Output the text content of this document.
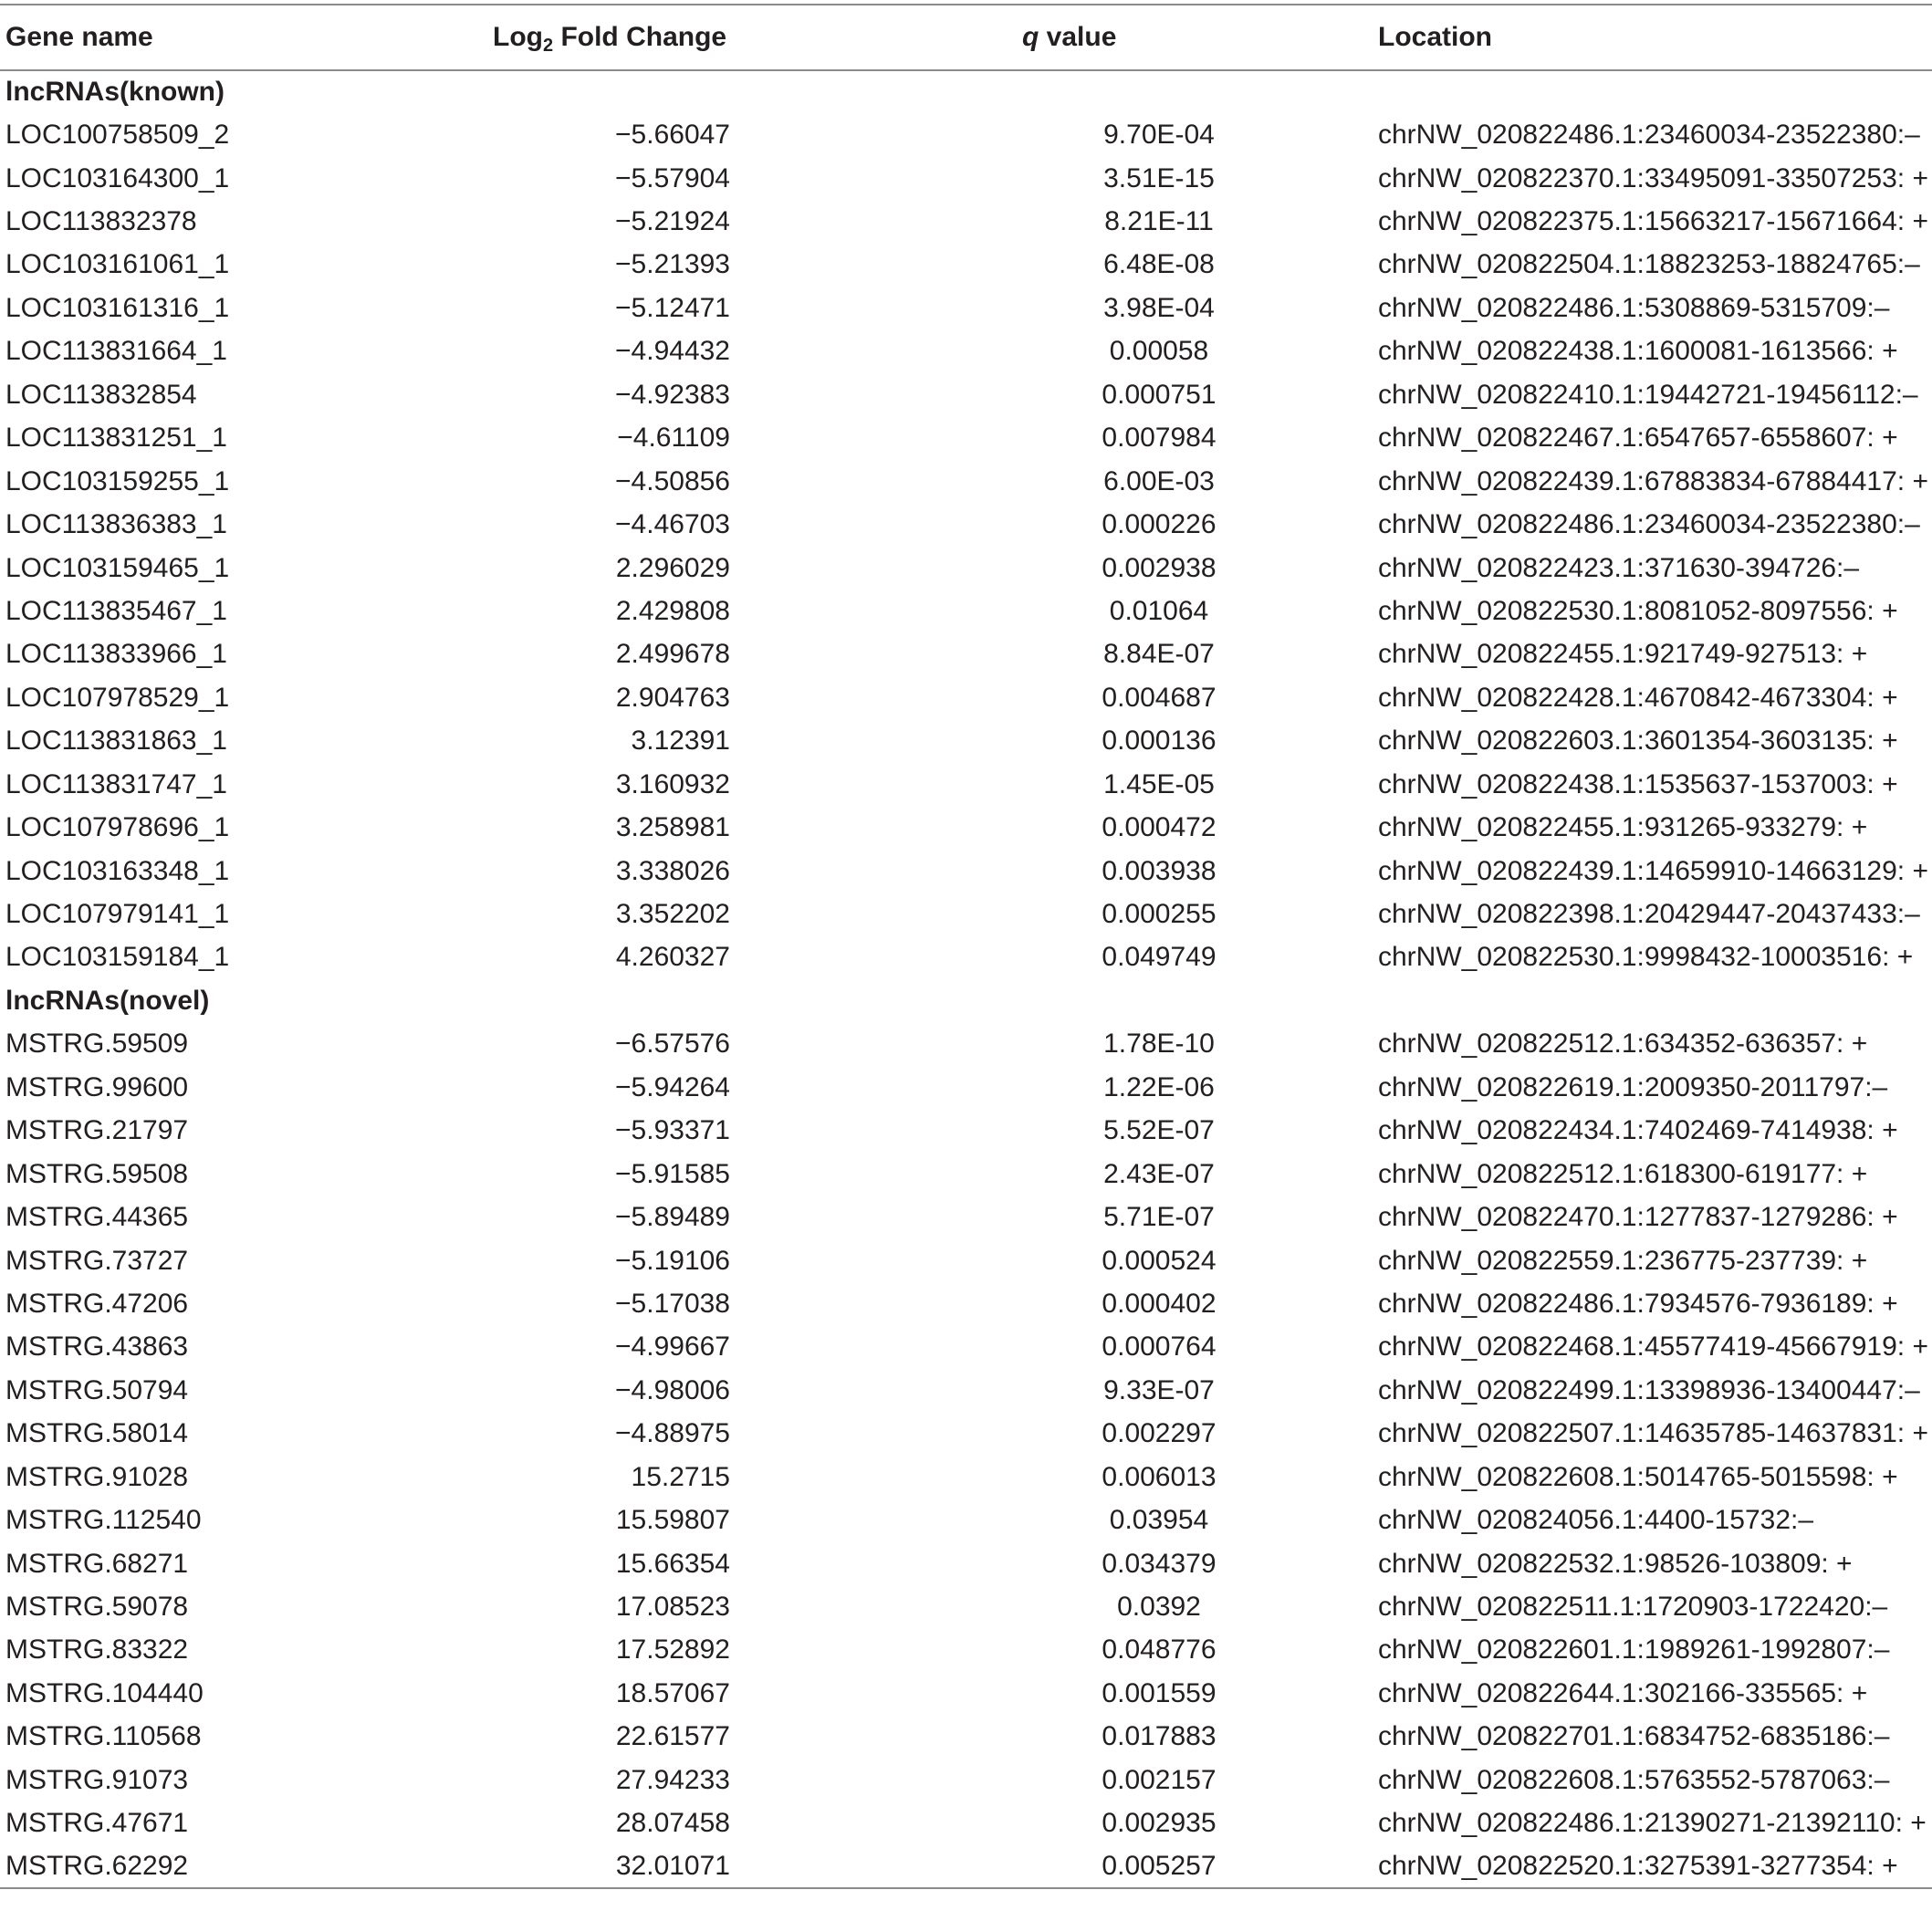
Gene name	Log$_2$ Fold Change	q value	Location
lncRNAs(known)			
LOC100758509_2	−5.66047	9.70E-04	chrNW_020822486.1:23460034-23522380:–
LOC103164300_1	−5.57904	3.51E-15	chrNW_020822370.1:33495091-33507253: +
LOC113832378	−5.21924	8.21E-11	chrNW_020822375.1:15663217-15671664: +
LOC103161061_1	−5.21393	6.48E-08	chrNW_020822504.1:18823253-18824765:–
LOC103161316_1	−5.12471	3.98E-04	chrNW_020822486.1:5308869-5315709:–
LOC113831664_1	−4.94432	0.00058	chrNW_020822438.1:1600081-1613566: +
LOC113832854	−4.92383	0.000751	chrNW_020822410.1:19442721-19456112:–
LOC113831251_1	−4.61109	0.007984	chrNW_020822467.1:6547657-6558607: +
LOC103159255_1	−4.50856	6.00E-03	chrNW_020822439.1:67883834-67884417: +
LOC113836383_1	−4.46703	0.000226	chrNW_020822486.1:23460034-23522380:–
LOC103159465_1	2.296029	0.002938	chrNW_020822423.1:371630-394726:–
LOC113835467_1	2.429808	0.01064	chrNW_020822530.1:8081052-8097556: +
LOC113833966_1	2.499678	8.84E-07	chrNW_020822455.1:921749-927513: +
LOC107978529_1	2.904763	0.004687	chrNW_020822428.1:4670842-4673304: +
LOC113831863_1	3.12391	0.000136	chrNW_020822603.1:3601354-3603135: +
LOC113831747_1	3.160932	1.45E-05	chrNW_020822438.1:1535637-1537003: +
LOC107978696_1	3.258981	0.000472	chrNW_020822455.1:931265-933279: +
LOC103163348_1	3.338026	0.003938	chrNW_020822439.1:14659910-14663129: +
LOC107979141_1	3.352202	0.000255	chrNW_020822398.1:20429447-20437433:–
LOC103159184_1	4.260327	0.049749	chrNW_020822530.1:9998432-10003516: +
lncRNAs(novel)			
MSTRG.59509	−6.57576	1.78E-10	chrNW_020822512.1:634352-636357: +
MSTRG.99600	−5.94264	1.22E-06	chrNW_020822619.1:2009350-2011797:–
MSTRG.21797	−5.93371	5.52E-07	chrNW_020822434.1:7402469-7414938: +
MSTRG.59508	−5.91585	2.43E-07	chrNW_020822512.1:618300-619177: +
MSTRG.44365	−5.89489	5.71E-07	chrNW_020822470.1:1277837-1279286: +
MSTRG.73727	−5.19106	0.000524	chrNW_020822559.1:236775-237739: +
MSTRG.47206	−5.17038	0.000402	chrNW_020822486.1:7934576-7936189: +
MSTRG.43863	−4.99667	0.000764	chrNW_020822468.1:45577419-45667919: +
MSTRG.50794	−4.98006	9.33E-07	chrNW_020822499.1:13398936-13400447:–
MSTRG.58014	−4.88975	0.002297	chrNW_020822507.1:14635785-14637831: +
MSTRG.91028	15.2715	0.006013	chrNW_020822608.1:5014765-5015598: +
MSTRG.112540	15.59807	0.03954	chrNW_020824056.1:4400-15732:–
MSTRG.68271	15.66354	0.034379	chrNW_020822532.1:98526-103809: +
MSTRG.59078	17.08523	0.0392	chrNW_020822511.1:1720903-1722420:–
MSTRG.83322	17.52892	0.048776	chrNW_020822601.1:1989261-1992807:–
MSTRG.104440	18.57067	0.001559	chrNW_020822644.1:302166-335565: +
MSTRG.110568	22.61577	0.017883	chrNW_020822701.1:6834752-6835186:–
MSTRG.91073	27.94233	0.002157	chrNW_020822608.1:5763552-5787063:–
MSTRG.47671	28.07458	0.002935	chrNW_020822486.1:21390271-21392110: +
MSTRG.62292	32.01071	0.005257	chrNW_020822520.1:3275391-3277354: +
